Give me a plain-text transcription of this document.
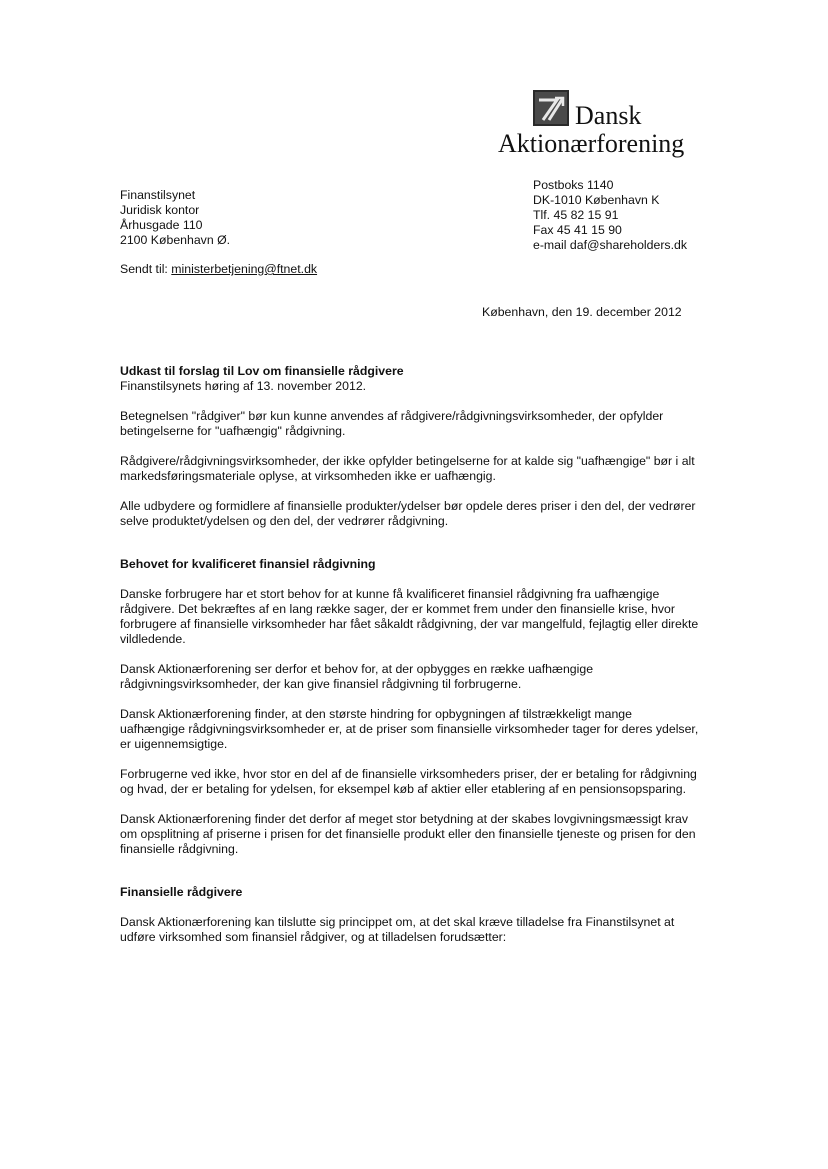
Dansk
Aktionærforening
Postboks 1140
DK-1010 København K
Tlf. 45 82 15 91
Fax 45 41 15 90
e-mail daf@shareholders.dk
Finanstilsynet
Juridisk kontor
Århusgade 110
2100 København Ø.
Sendt til: ministerbetjening@ftnet.dk
København, den 19. december 2012
Udkast til forslag til Lov om finansielle rådgivere

Finanstilsynets høring af 13. november 2012.

Betegnelsen "rådgiver" bør kun kunne anvendes af rådgivere/rådgivningsvirksomheder, der opfylder betingelserne for "uafhængig" rådgivning.

Rådgivere/rådgivningsvirksomheder, der ikke opfylder betingelserne for at kalde sig "uafhængige" bør i alt markedsføringsmateriale oplyse, at virksomheden ikke er uafhængig.

Alle udbydere og formidlere af finansielle produkter/ydelser bør opdele deres priser i den del, der vedrører selve produktet/ydelsen og den del, der vedrører rådgivning.

Behovet for kvalificeret finansiel rådgivning

Danske forbrugere har et stort behov for at kunne få kvalificeret finansiel rådgivning fra uafhængige rådgivere. Det bekræftes af en lang række sager, der er kommet frem under den finansielle krise, hvor forbrugere af finansielle virksomheder har fået såkaldt rådgivning, der var mangelfuld, fejlagtig eller direkte vildledende.

Dansk Aktionærforening ser derfor et behov for, at der opbygges en række uafhængige rådgivningsvirksomheder, der kan give finansiel rådgivning til forbrugerne.

Dansk Aktionærforening finder, at den største hindring for opbygningen af tilstrækkeligt mange uafhængige rådgivningsvirksomheder er, at de priser som finansielle virksomheder tager for deres ydelser, er uigennemsigtige.

Forbrugerne ved ikke, hvor stor en del af de finansielle virksomheders priser, der er betaling for rådgivning og hvad, der er betaling for ydelsen, for eksempel køb af aktier eller etablering af en pensionsopsparing.

Dansk Aktionærforening finder det derfor af meget stor betydning at der skabes lovgivningsmæssigt krav om opsplitning af priserne i prisen for det finansielle produkt eller den finansielle tjeneste og prisen for den finansielle rådgivning.

Finansielle rådgivere

Dansk Aktionærforening kan tilslutte sig princippet om, at det skal kræve tilladelse fra Finanstilsynet at udføre virksomhed som finansiel rådgiver, og at tilladelsen forudsætter:
